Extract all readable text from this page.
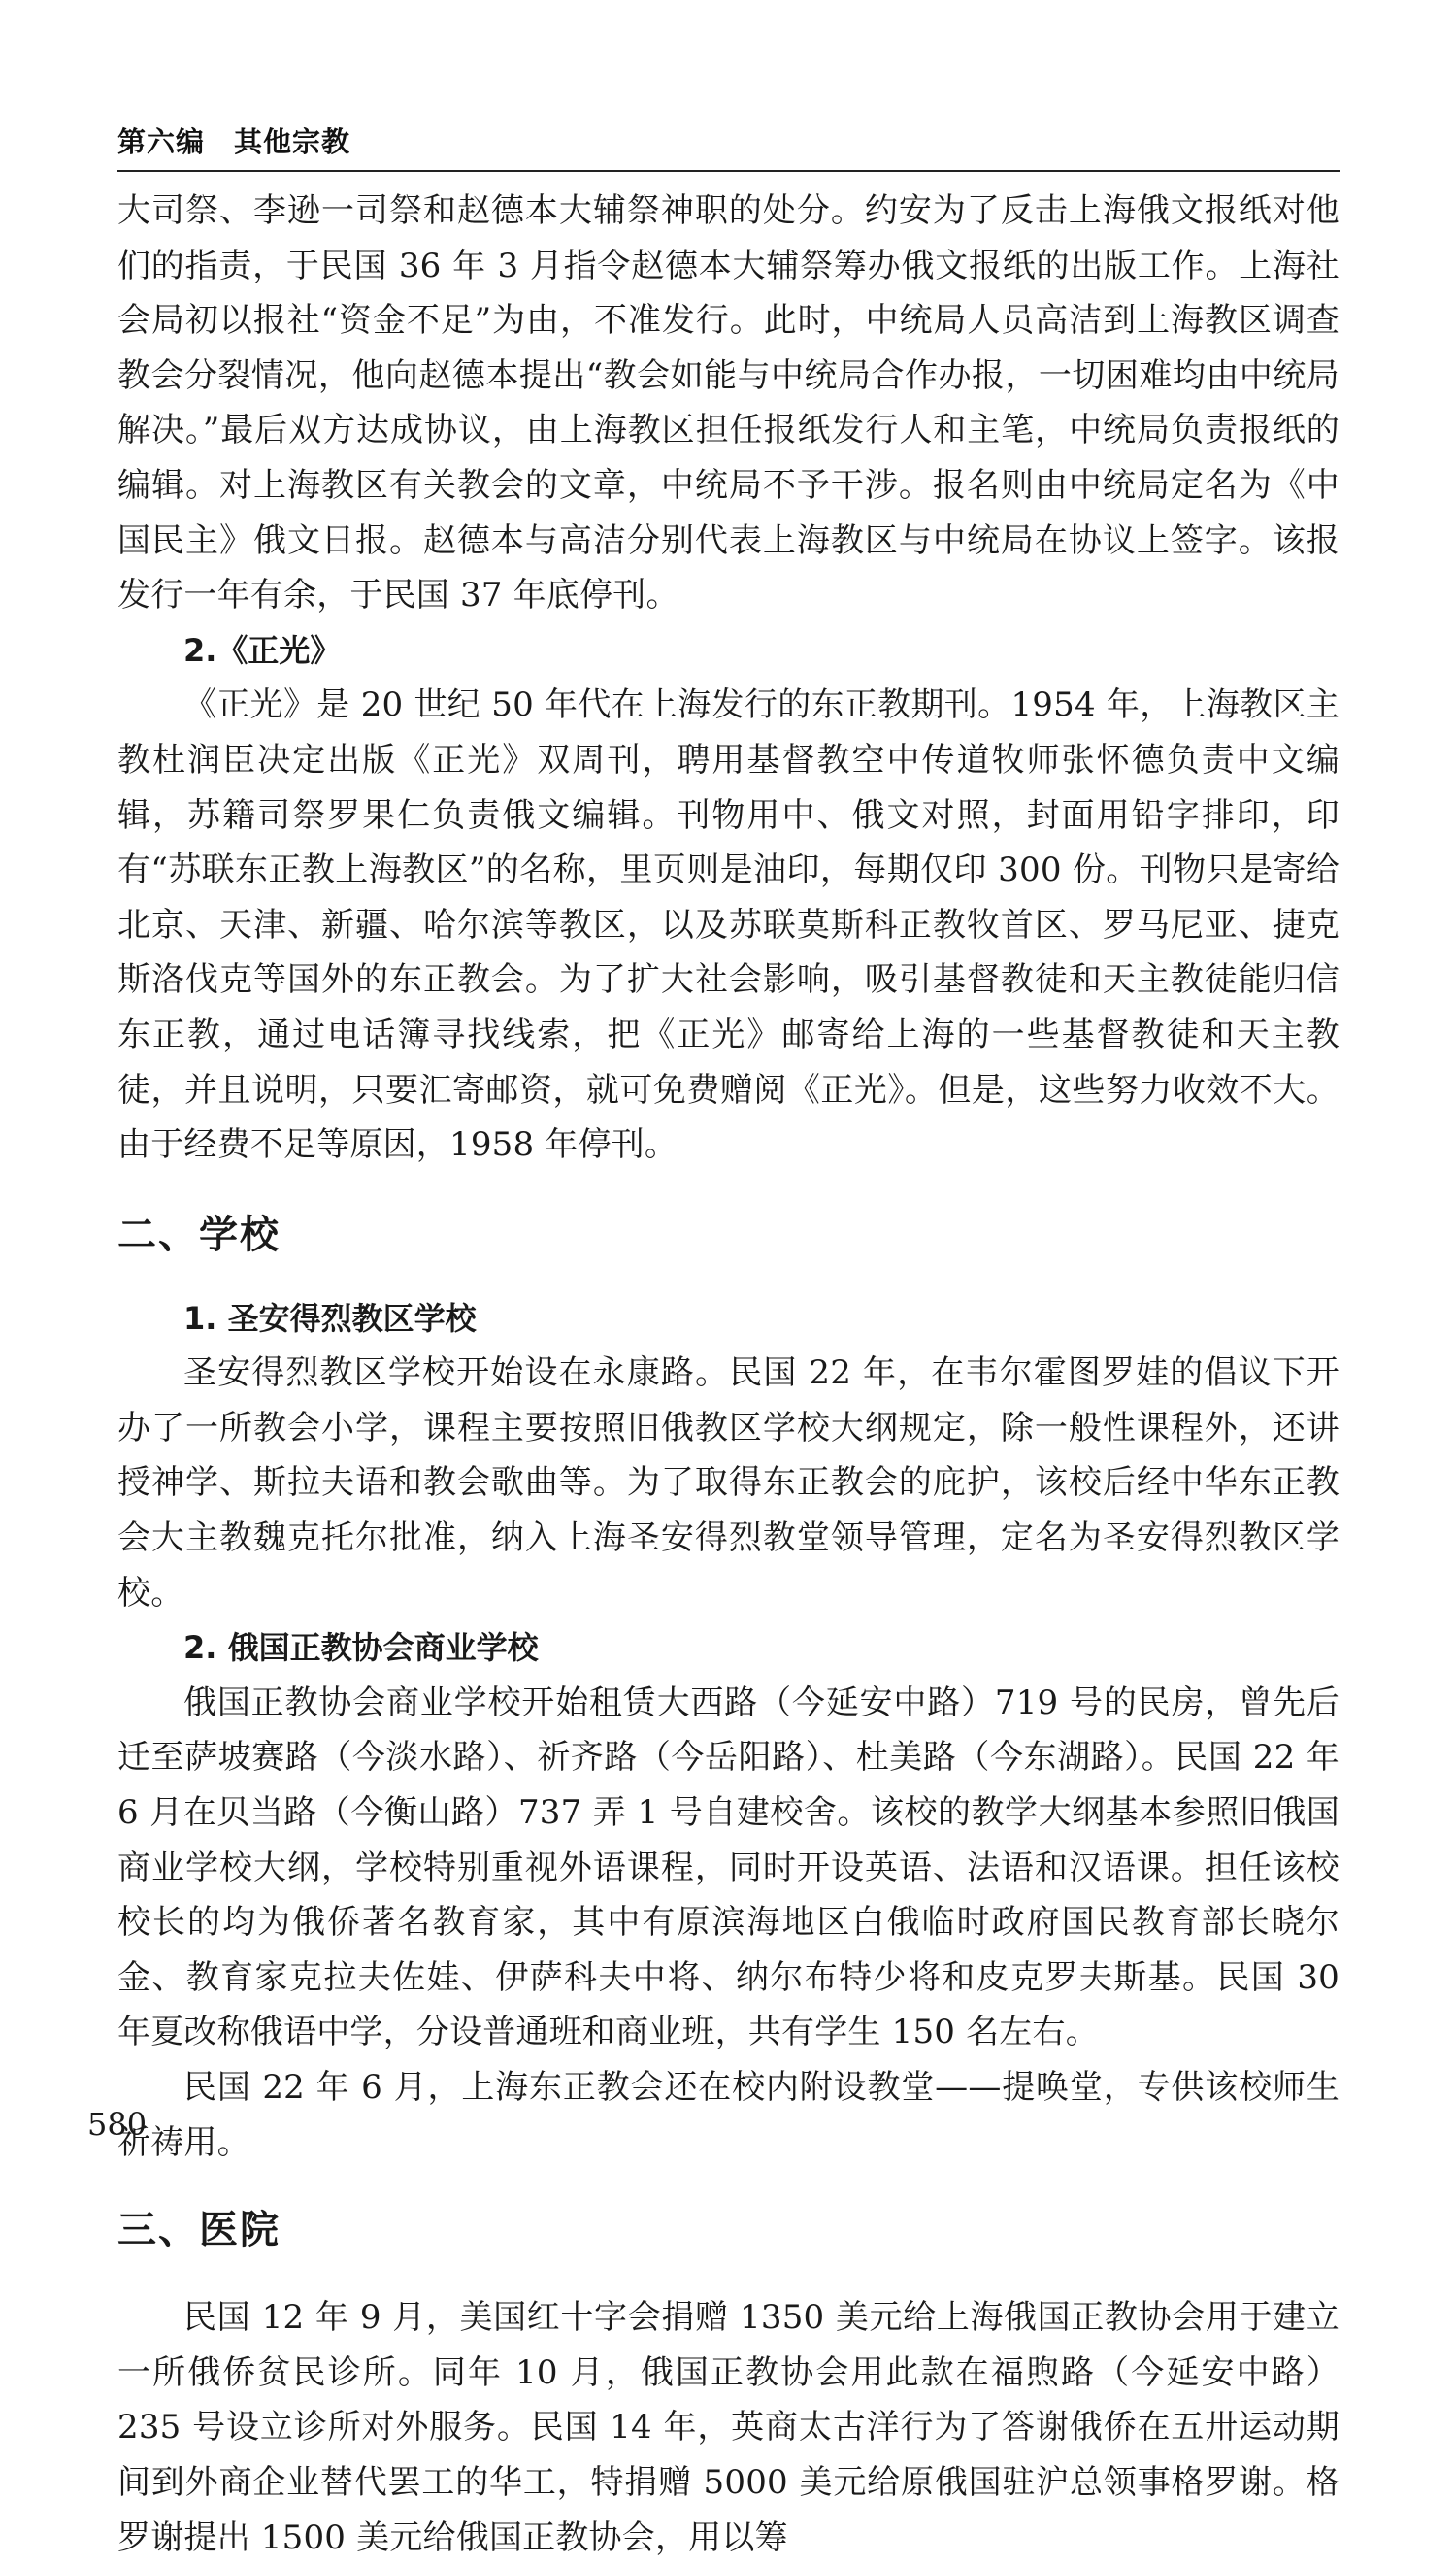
第六编 其他宗教

大司祭、李逊一司祭和赵德本大辅祭神职的处分。约安为了反击上海俄文报纸对他们的指责，于民国 36 年 3 月指令赵德本大辅祭筹办俄文报纸的出版工作。上海社会局初以报社“资金不足”为由，不准发行。此时，中统局人员高洁到上海教区调查教会分裂情况，他向赵德本提出“教会如能与中统局合作办报，一切困难均由中统局解决。”最后双方达成协议，由上海教区担任报纸发行人和主笔，中统局负责报纸的编辑。对上海教区有关教会的文章，中统局不予干涉。报名则由中统局定名为《中国民主》俄文日报。赵德本与高洁分别代表上海教区与中统局在协议上签字。该报发行一年有余，于民国 37 年底停刊。

2.《正光》

《正光》是 20 世纪 50 年代在上海发行的东正教期刊。1954 年，上海教区主教杜润臣决定出版《正光》双周刊，聘用基督教空中传道牧师张怀德负责中文编辑，苏籍司祭罗果仁负责俄文编辑。刊物用中、俄文对照，封面用铅字排印，印有“苏联东正教上海教区”的名称，里页则是油印，每期仅印 300 份。刊物只是寄给北京、天津、新疆、哈尔滨等教区，以及苏联莫斯科正教牧首区、罗马尼亚、捷克斯洛伐克等国外的东正教会。为了扩大社会影响，吸引基督教徒和天主教徒能归信东正教，通过电话簿寻找线索，把《正光》邮寄给上海的一些基督教徒和天主教徒，并且说明，只要汇寄邮资，就可免费赠阅《正光》。但是，这些努力收效不大。由于经费不足等原因，1958 年停刊。

二、学校
1. 圣安得烈教区学校

圣安得烈教区学校开始设在永康路。民国 22 年，在韦尔霍图罗娃的倡议下开办了一所教会小学，课程主要按照旧俄教区学校大纲规定，除一般性课程外，还讲授神学、斯拉夫语和教会歌曲等。为了取得东正教会的庇护，该校后经中华东正教会大主教魏克托尔批准，纳入上海圣安得烈教堂领导管理，定名为圣安得烈教区学校。

2. 俄国正教协会商业学校

俄国正教协会商业学校开始租赁大西路（今延安中路）719 号的民房，曾先后迁至萨坡赛路（今淡水路）、祈齐路（今岳阳路）、杜美路（今东湖路）。民国 22 年 6 月在贝当路（今衡山路）737 弄 1 号自建校舍。该校的教学大纲基本参照旧俄国商业学校大纲，学校特别重视外语课程，同时开设英语、法语和汉语课。担任该校校长的均为俄侨著名教育家，其中有原滨海地区白俄临时政府国民教育部长晓尔金、教育家克拉夫佐娃、伊萨科夫中将、纳尔布特少将和皮克罗夫斯基。民国 30 年夏改称俄语中学，分设普通班和商业班，共有学生 150 名左右。

民国 22 年 6 月，上海东正教会还在校内附设教堂——提唤堂，专供该校师生祈祷用。

三、医院

民国 12 年 9 月，美国红十字会捐赠 1350 美元给上海俄国正教协会用于建立一所俄侨贫民诊所。同年 10 月，俄国正教协会用此款在福煦路（今延安中路）235 号设立诊所对外服务。民国 14 年，英商太古洋行为了答谢俄侨在五卅运动期间到外商企业替代罢工的华工，特捐赠 5000 美元给原俄国驻沪总领事格罗谢。格罗谢提出 1500 美元给俄国正教协会，用以筹

580
